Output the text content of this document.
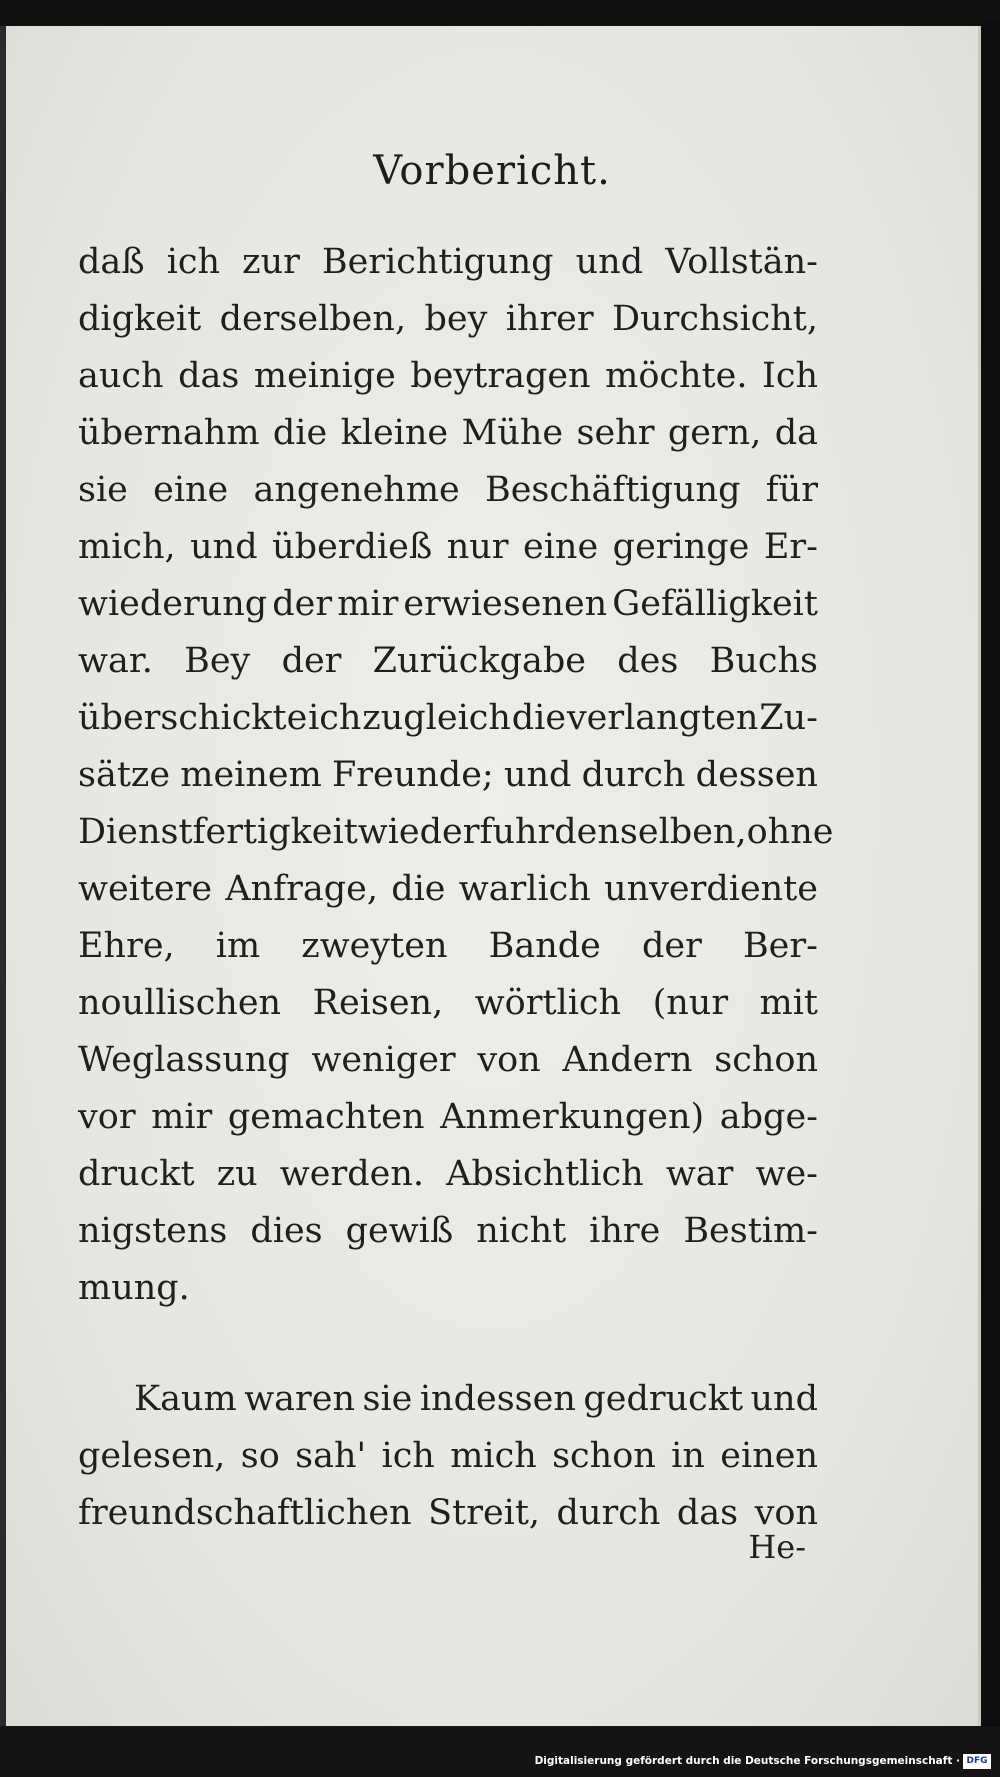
Vorbericht.
daß ich zur Berichtigung und Vollstän-
digkeit derselben, bey ihrer Durchsicht,
auch das meinige beytragen möchte. Ich
übernahm die kleine Mühe sehr gern, da
sie eine angenehme Beschäftigung für
mich, und überdieß nur eine geringe Er-
wiederung der mir erwiesenen Gefälligkeit
war. Bey der Zurückgabe des Buchs
überschickte ich zugleich die verlangten Zu-
sätze meinem Freunde; und durch dessen
Dienstfertigkeit wiederfuhr denselben, ohne
weitere Anfrage, die warlich unverdiente
Ehre, im zweyten Bande der Ber-
noullischen Reisen, wörtlich (nur mit
Weglassung weniger von Andern schon
vor mir gemachten Anmerkungen) abge-
druckt zu werden. Absichtlich war we-
nigstens dies gewiß nicht ihre Bestim-
mung.
Kaum waren sie indessen gedruckt und
gelesen, so sah' ich mich schon in einen
freundschaftlichen Streit, durch das von
He-
Digitalisierung gefördert durch die Deutsche Forschungsgemeinschaft · DFG
